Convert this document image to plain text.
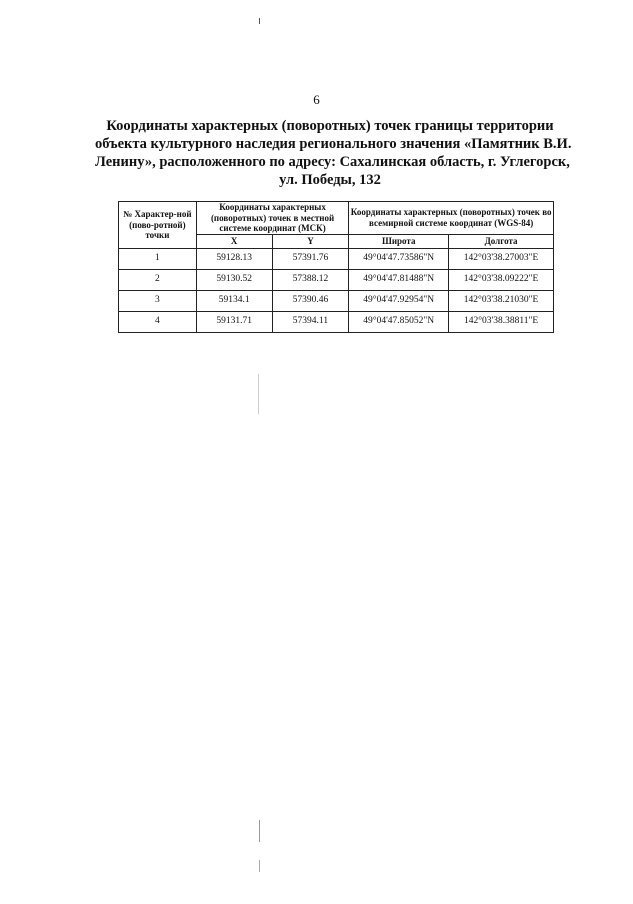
6
Координаты характерных (поворотных) точек границы территории
объекта культурного наследия регионального значения «Памятник В.И.
Ленину», расположенного по адресу: Сахалинская область, г. Углегорск,
ул. Победы, 132
№ Характер-ной (пово-ротной) точки	Координаты характерных (поворотных) точек в местной системе координат (МСК)		Координаты характерных (поворотных) точек во всемирной системе координат (WGS-84)	
	X	Y	Широта	Долгота
1	59128.13	57391.76	49°04'47.73586"N	142°03'38.27003"E
2	59130.52	57388.12	49°04'47.81488"N	142°03'38.09222"E
3	59134.1	57390.46	49°04'47.92954"N	142°03'38.21030"E
4	59131.71	57394.11	49°04'47.85052"N	142°03'38.38811"E
